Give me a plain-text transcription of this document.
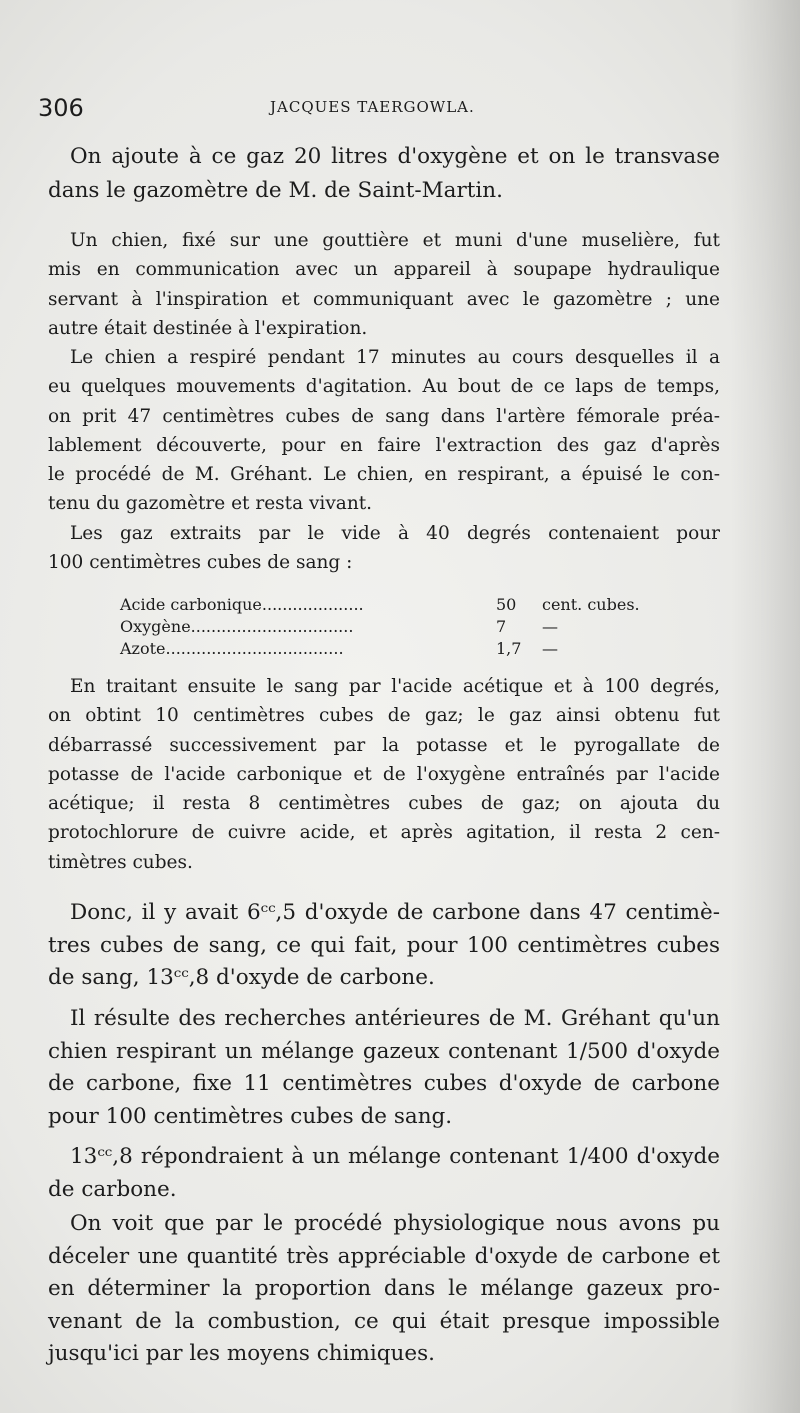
306	JACQUES TAERGOWLA.
On ajoute à ce gaz 20 litres d'oxygène et on le transvase
dans le gazomètre de M. de Saint-Martin.
Un chien, fixé sur une gouttière et muni d'une muselière, fut
mis en communication avec un appareil à soupape hydraulique
servant à l'inspiration et communiquant avec le gazomètre ; une
autre était destinée à l'expiration.
Le chien a respiré pendant 17 minutes au cours desquelles il a
eu quelques mouvements d'agitation. Au bout de ce laps de temps,
on prit 47 centimètres cubes de sang dans l'artère fémorale préa-
lablement découverte, pour en faire l'extraction des gaz d'après
le procédé de M. Gréhant. Le chien, en respirant, a épuisé le con-
tenu du gazomètre et resta vivant.
Les gaz extraits par le vide à 40 degrés contenaient pour
100 centimètres cubes de sang :
Acide carbonique....................	50 cent. cubes.
Oxygène................................	7 —
Azote...................................	1,7 —
En traitant ensuite le sang par l'acide acétique et à 100 degrés,
on obtint 10 centimètres cubes de gaz; le gaz ainsi obtenu fut
débarrassé successivement par la potasse et le pyrogallate de
potasse de l'acide carbonique et de l'oxygène entraînés par l'acide
acétique; il resta 8 centimètres cubes de gaz; on ajouta du
protochlorure de cuivre acide, et après agitation, il resta 2 cen-
timètres cubes.
Donc, il y avait 6ᶜᶜ,5 d'oxyde de carbone dans 47 centimè-
tres cubes de sang, ce qui fait, pour 100 centimètres cubes
de sang, 13ᶜᶜ,8 d'oxyde de carbone.
Il résulte des recherches antérieures de M. Gréhant qu'un
chien respirant un mélange gazeux contenant 1/500 d'oxyde
de carbone, fixe 11 centimètres cubes d'oxyde de carbone
pour 100 centimètres cubes de sang.
13ᶜᶜ,8 répondraient à un mélange contenant 1/400 d'oxyde
de carbone.
On voit que par le procédé physiologique nous avons pu
déceler une quantité très appréciable d'oxyde de carbone et
en déterminer la proportion dans le mélange gazeux pro-
venant de la combustion, ce qui était presque impossible
jusqu'ici par les moyens chimiques.
